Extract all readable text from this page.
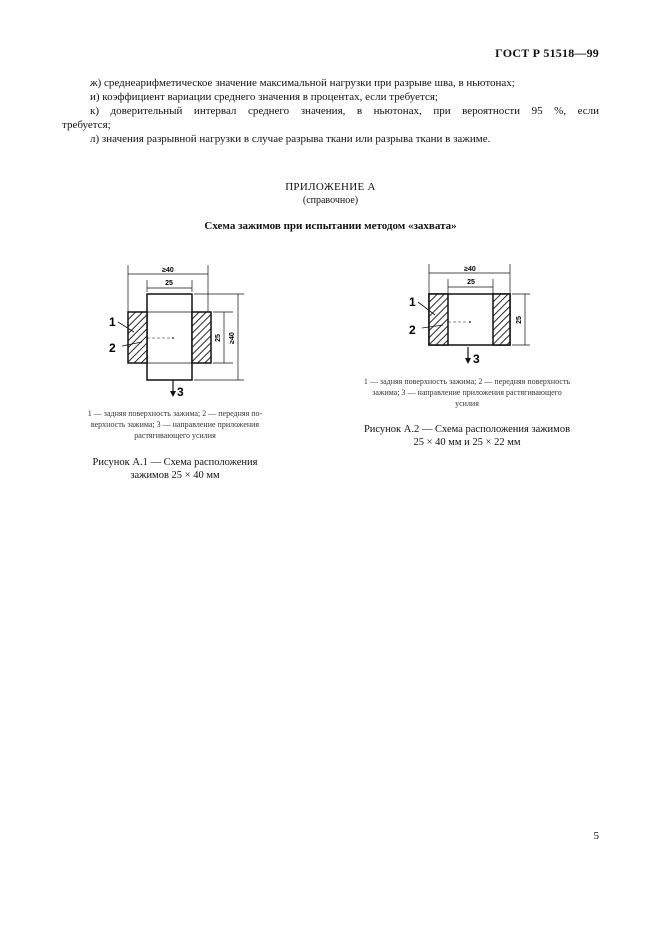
ГОСТ Р 51518—99

ж) среднеарифметическое значение максимальной нагрузки при разрыве шва, в ньютонах;

и) коэффициент вариации среднего значения в процентах, если требуется;

к) доверительный интервал среднего значения, в ньютонах, при вероятности 95 %, если

требуется;

л) значения разрывной нагрузки в случае разрыва ткани или разрыва ткани в зажиме.

ПРИЛОЖЕНИЕ А

(справочное)

Схема зажимов при испытании методом «захвата»

≥40
25
25 ≥40
1
2
3
1 — задняя поверхность зажима; 2 — передняя по-
верхность зажима; 3 — направление приложения
растягивающего усилия
Рисунок А.1 — Схема расположения
зажимов 25 × 40 мм
≥40
25
25
1
2
3
1 — задняя поверхность зажима; 2 — передняя поверхность
зажима; 3 — направление приложения растягивающего
усилия
Рисунок А.2 — Схема расположения зажимов
25 × 40 мм и 25 × 22 мм
5
